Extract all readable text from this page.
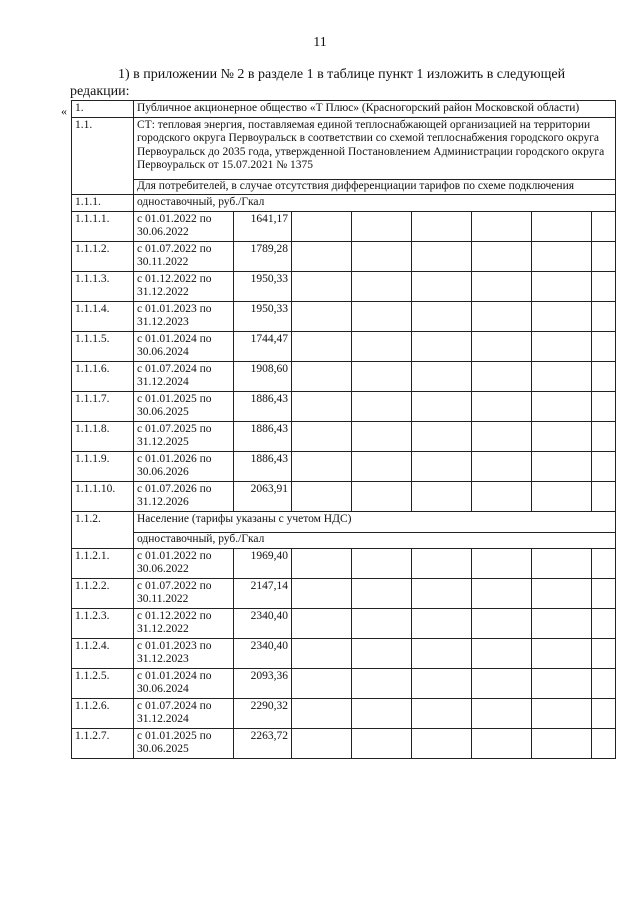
11
1) в приложении № 2 в разделе 1 в таблице пункт 1 изложить в следующей
редакции:
« 1.	Публичное акционерное общество «Т Плюс» (Красногорский район Московской области)							

1.1.	СТ: тепловая энергия, поставляемая единой теплоснабжающей организацией на территории городского округа Первоуральск в соответствии со схемой теплоснабжения городского округа Первоуральск до 2035 года, утвержденной Постановлением Администрации городского округа Первоуральск от 15.07.2021 № 1375
Для потребителей, в случае отсутствия дифференциации тарифов по схеме подключения							

1.1.1.	одноставочный, руб./Гкал							

1.1.1.1.	с 01.01.2022 по 30.06.2022	1641,17						
1.1.1.2.	с 01.07.2022 по 30.11.2022	1789,28						
1.1.1.3.	с 01.12.2022 по 31.12.2022	1950,33						
1.1.1.4.	с 01.01.2023 по 31.12.2023	1950,33						
1.1.1.5.	с 01.01.2024 по 30.06.2024	1744,47						
1.1.1.6.	с 01.07.2024 по 31.12.2024	1908,60						
1.1.1.7.	с 01.01.2025 по 30.06.2025	1886,43						
1.1.1.8.	с 01.07.2025 по 31.12.2025	1886,43						
1.1.1.9.	с 01.01.2026 по 30.06.2026	1886,43						
1.1.1.10.	с 01.07.2026 по 31.12.2026	2063,91						
1.1.2.	Население (тарифы указаны с учетом НДС)
одноставочный, руб./Гкал							

1.1.2.1.	с 01.01.2022 по 30.06.2022	1969,40						
1.1.2.2.	с 01.07.2022 по 30.11.2022	2147,14						
1.1.2.3.	с 01.12.2022 по 31.12.2022	2340,40						
1.1.2.4.	с 01.01.2023 по 31.12.2023	2340,40						
1.1.2.5.	с 01.01.2024 по 30.06.2024	2093,36						
1.1.2.6.	с 01.07.2024 по 31.12.2024	2290,32						
1.1.2.7.	с 01.01.2025 по 30.06.2025	2263,72						
